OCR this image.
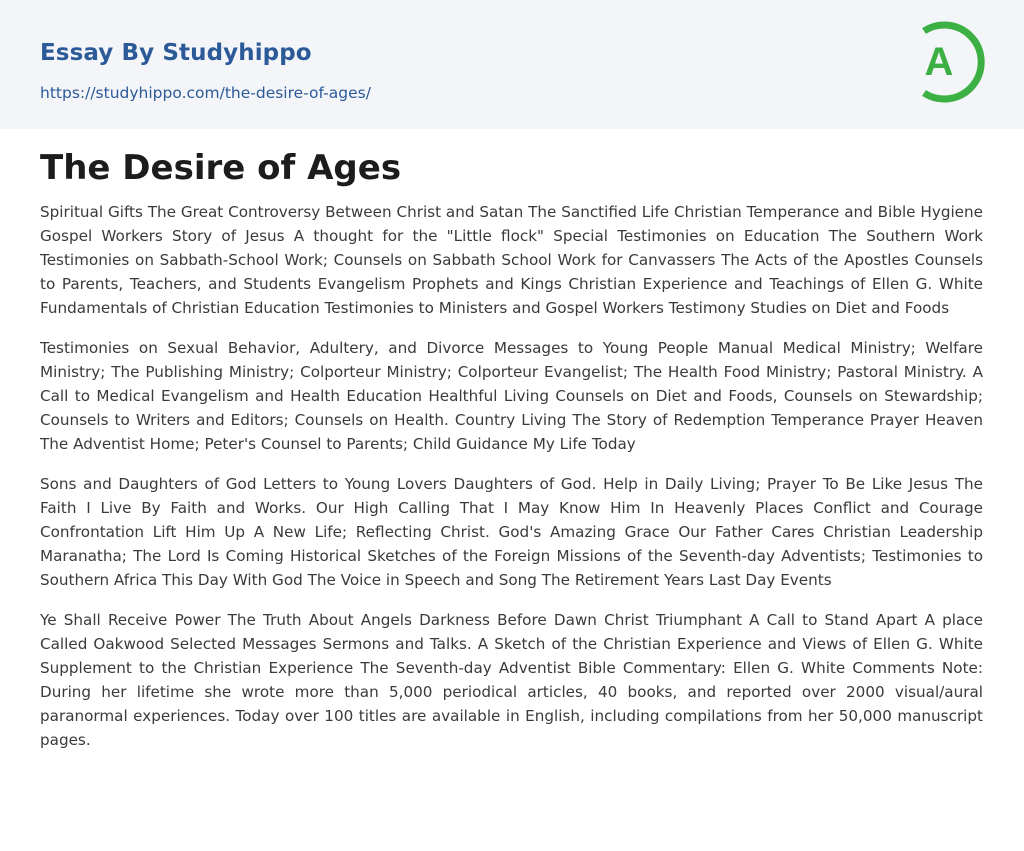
Essay By Studyhippo
https://studyhippo.com/the-desire-of-ages/
A
The Desire of Ages

Spiritual Gifts The Great Controversy Between Christ and Satan The Sanctified Life Christian Temperance and Bible Hygiene Gospel Workers Story of Jesus A thought for the "Little flock" Special Testimonies on Education The Southern Work Testimonies on Sabbath-School Work; Counsels on Sabbath School Work for Canvassers The Acts of the Apostles Counsels to Parents, Teachers, and Students Evangelism Prophets and Kings Christian Experience and Teachings of Ellen G. White Fundamentals of Christian Education Testimonies to Ministers and Gospel Workers Testimony Studies on Diet and Foods

Testimonies on Sexual Behavior, Adultery, and Divorce Messages to Young People Manual Medical Ministry; Welfare Ministry; The Publishing Ministry; Colporteur Ministry; Colporteur Evangelist; The Health Food Ministry; Pastoral Ministry. A Call to Medical Evangelism and Health Education Healthful Living Counsels on Diet and Foods, Counsels on Stewardship; Counsels to Writers and Editors; Counsels on Health. Country Living The Story of Redemption Temperance Prayer Heaven The Adventist Home; Peter's Counsel to Parents; Child Guidance My Life Today

Sons and Daughters of God Letters to Young Lovers Daughters of God. Help in Daily Living; Prayer To Be Like Jesus The Faith I Live By Faith and Works. Our High Calling That I May Know Him In Heavenly Places Conflict and Courage Confrontation Lift Him Up A New Life; Reflecting Christ. God's Amazing Grace Our Father Cares Christian Leadership Maranatha; The Lord Is Coming Historical Sketches of the Foreign Missions of the Seventh-day Adventists; Testimonies to Southern Africa This Day With God The Voice in Speech and Song The Retirement Years Last Day Events

Ye Shall Receive Power The Truth About Angels Darkness Before Dawn Christ Triumphant A Call to Stand Apart A place Called Oakwood Selected Messages Sermons and Talks. A Sketch of the Christian Experience and Views of Ellen G. White Supplement to the Christian Experience The Seventh-day Adventist Bible Commentary: Ellen G. White Comments Note: During her lifetime she wrote more than 5,000 periodical articles, 40 books, and reported over 2000 visual/aural paranormal experiences. Today over 100 titles are available in English, including compilations from her 50,000 manuscript pages.
